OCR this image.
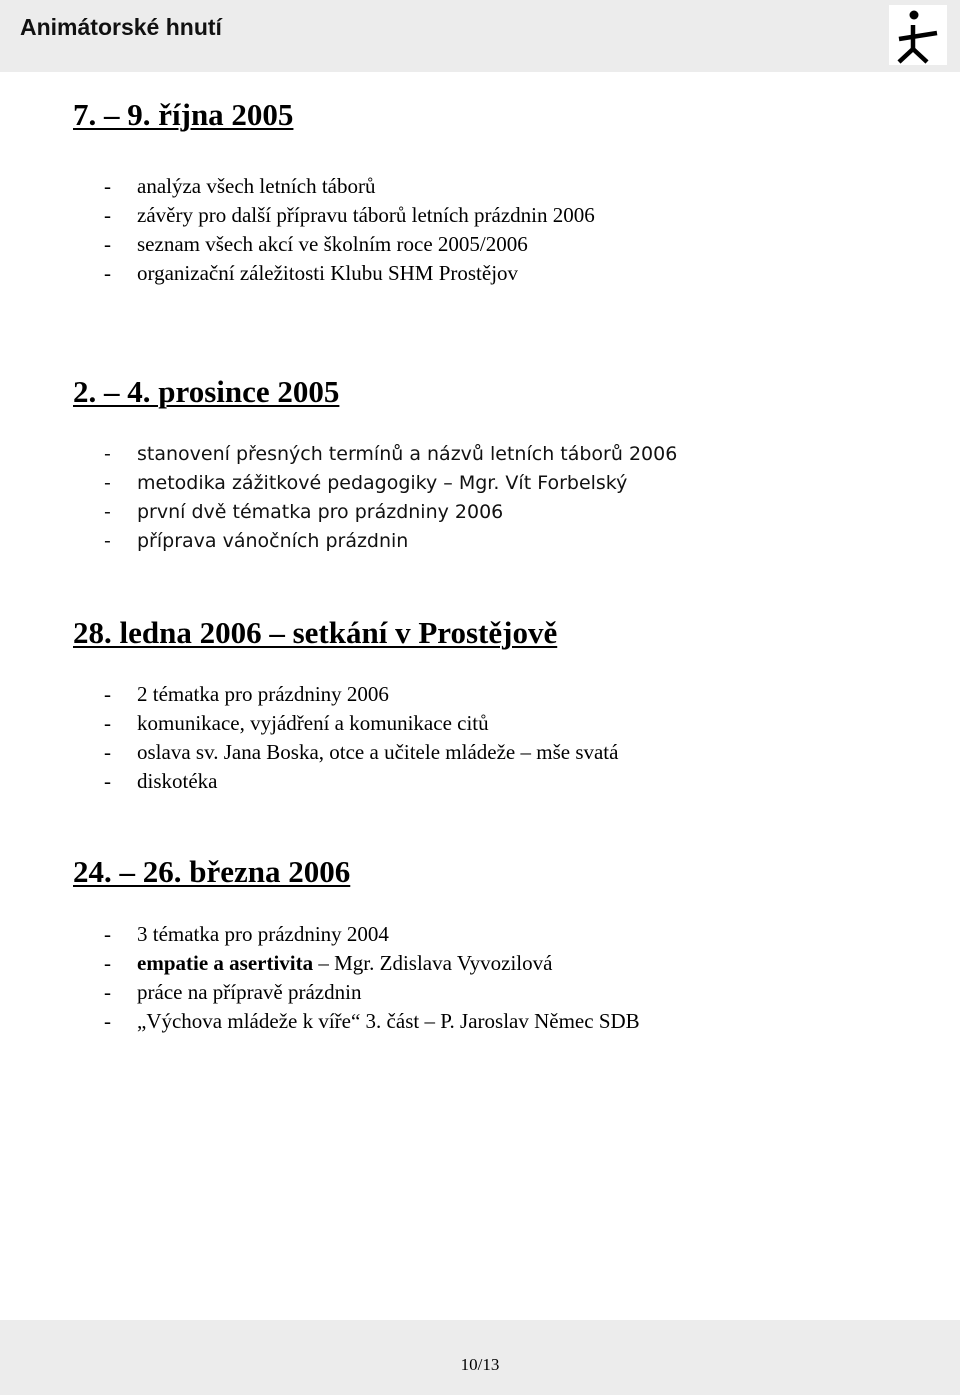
Animátorské hnutí
7. – 9. října 2005
- analýza všech letních táborů
- závěry pro další přípravu táborů letních prázdnin 2006
- seznam všech akcí ve školním roce 2005/2006
- organizační záležitosti Klubu SHM Prostějov
2. – 4. prosince 2005
- stanovení přesných termínů a názvů letních táborů 2006
- metodika zážitkové pedagogiky – Mgr. Vít Forbelský
- první dvě tématka pro prázdniny 2006
- příprava vánočních prázdnin
28. ledna 2006 – setkání v Prostějově
- 2 tématka pro prázdniny 2006
- komunikace, vyjádření a komunikace citů
- oslava sv. Jana Boska, otce a učitele mládeže – mše svatá
- diskotéka
24. – 26. března 2006
- 3 tématka pro prázdniny 2004
- empatie a asertivita – Mgr. Zdislava Vyvozilová
- práce na přípravě prázdnin
- „Výchova mládeže k víře“ 3. část – P. Jaroslav Němec SDB
10/13
